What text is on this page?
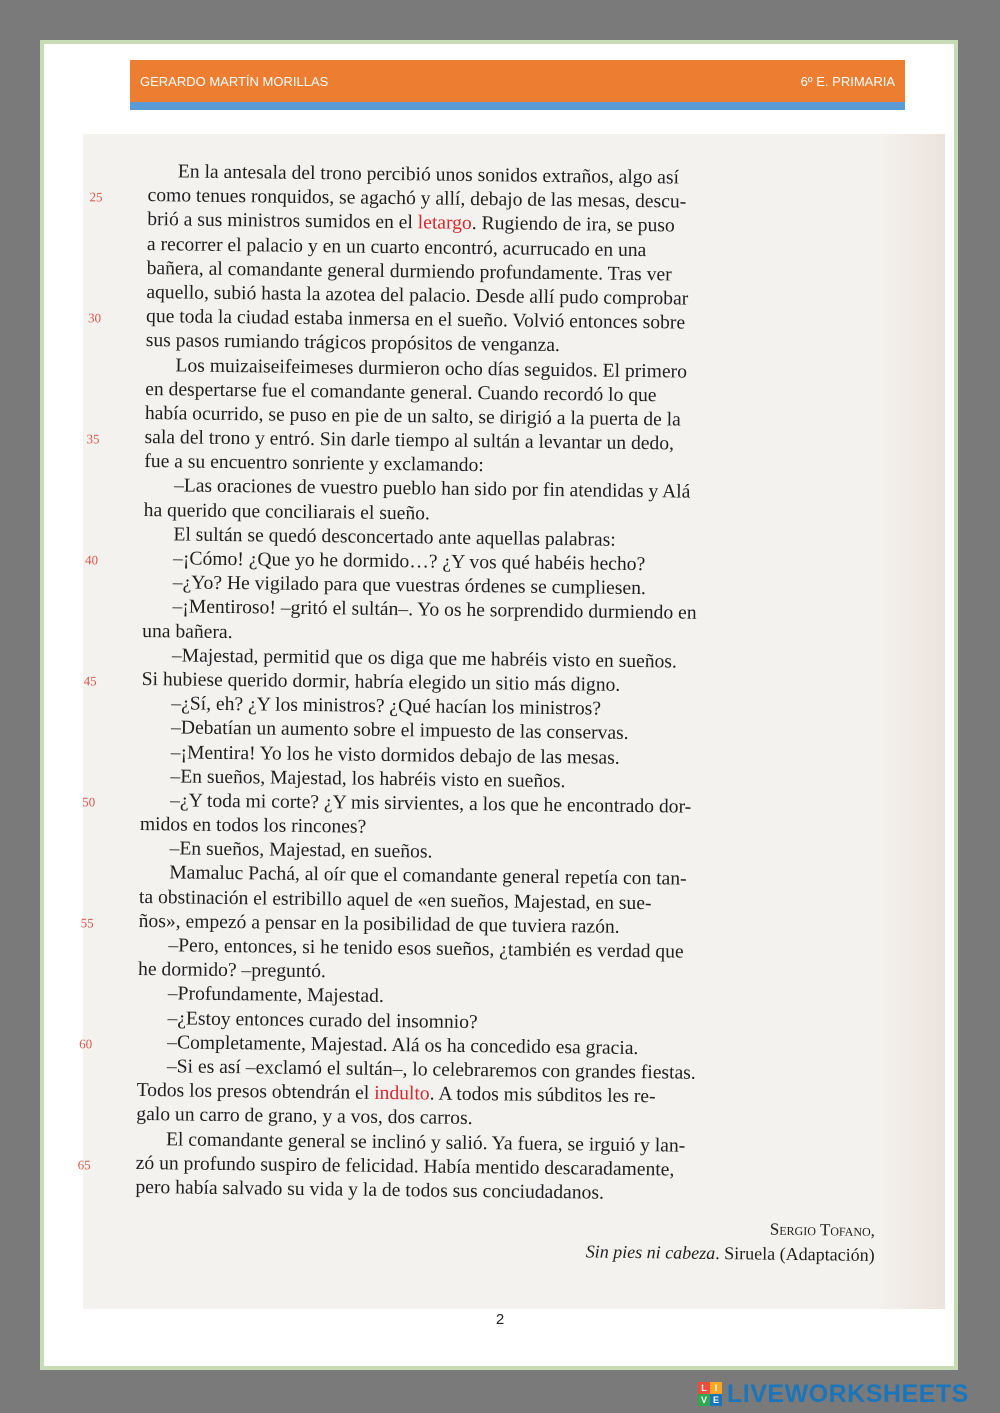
GERARDO MARTÍN MORILLAS	6º E. PRIMARIA
En la antesala del trono percibió unos sonidos extraños, algo así
25 como tenues ronquidos, se agachó y allí, debajo de las mesas, descu-
brió a sus ministros sumidos en el letargo. Rugiendo de ira, se puso
a recorrer el palacio y en un cuarto encontró, acurrucado en una
bañera, al comandante general durmiendo profundamente. Tras ver
aquello, subió hasta la azotea del palacio. Desde allí pudo comprobar
30 que toda la ciudad estaba inmersa en el sueño. Volvió entonces sobre
sus pasos rumiando trágicos propósitos de venganza.
Los muizaiseifeimeses durmieron ocho días seguidos. El primero
en despertarse fue el comandante general. Cuando recordó lo que
había ocurrido, se puso en pie de un salto, se dirigió a la puerta de la
35 sala del trono y entró. Sin darle tiempo al sultán a levantar un dedo,
fue a su encuentro sonriente y exclamando:
–Las oraciones de vuestro pueblo han sido por fin atendidas y Alá
ha querido que conciliarais el sueño.
El sultán se quedó desconcertado ante aquellas palabras:
40	–¡Cómo! ¿Que yo he dormido…? ¿Y vos qué habéis hecho?
–¿Yo? He vigilado para que vuestras órdenes se cumpliesen.
–¡Mentiroso! –gritó el sultán–. Yo os he sorprendido durmiendo en
una bañera.
–Majestad, permitid que os diga que me habréis visto en sueños.
45 Si hubiese querido dormir, habría elegido un sitio más digno.
–¿Sí, eh? ¿Y los ministros? ¿Qué hacían los ministros?
–Debatían un aumento sobre el impuesto de las conservas.
–¡Mentira! Yo los he visto dormidos debajo de las mesas.
–En sueños, Majestad, los habréis visto en sueños.
50	–¿Y toda mi corte? ¿Y mis sirvientes, a los que he encontrado dor-
midos en todos los rincones?
–En sueños, Majestad, en sueños.
Mamaluc Pachá, al oír que el comandante general repetía con tan-
ta obstinación el estribillo aquel de «en sueños, Majestad, en sue-
55 ños», empezó a pensar en la posibilidad de que tuviera razón.
–Pero, entonces, si he tenido esos sueños, ¿también es verdad que
he dormido? –preguntó.
–Profundamente, Majestad.
–¿Estoy entonces curado del insomnio?
60	–Completamente, Majestad. Alá os ha concedido esa gracia.
–Si es así –exclamó el sultán–, lo celebraremos con grandes fiestas.
Todos los presos obtendrán el indulto. A todos mis súbditos les re-
galo un carro de grano, y a vos, dos carros.
El comandante general se inclinó y salió. Ya fuera, se irguió y lan-
65 zó un profundo suspiro de felicidad. Había mentido descaradamente,
pero había salvado su vida y la de todos sus conciudadanos.
Sergio Tofano,
Sin pies ni cabeza. Siruela (Adaptación)
2
L I
V E LIVEWORKSHEETS
